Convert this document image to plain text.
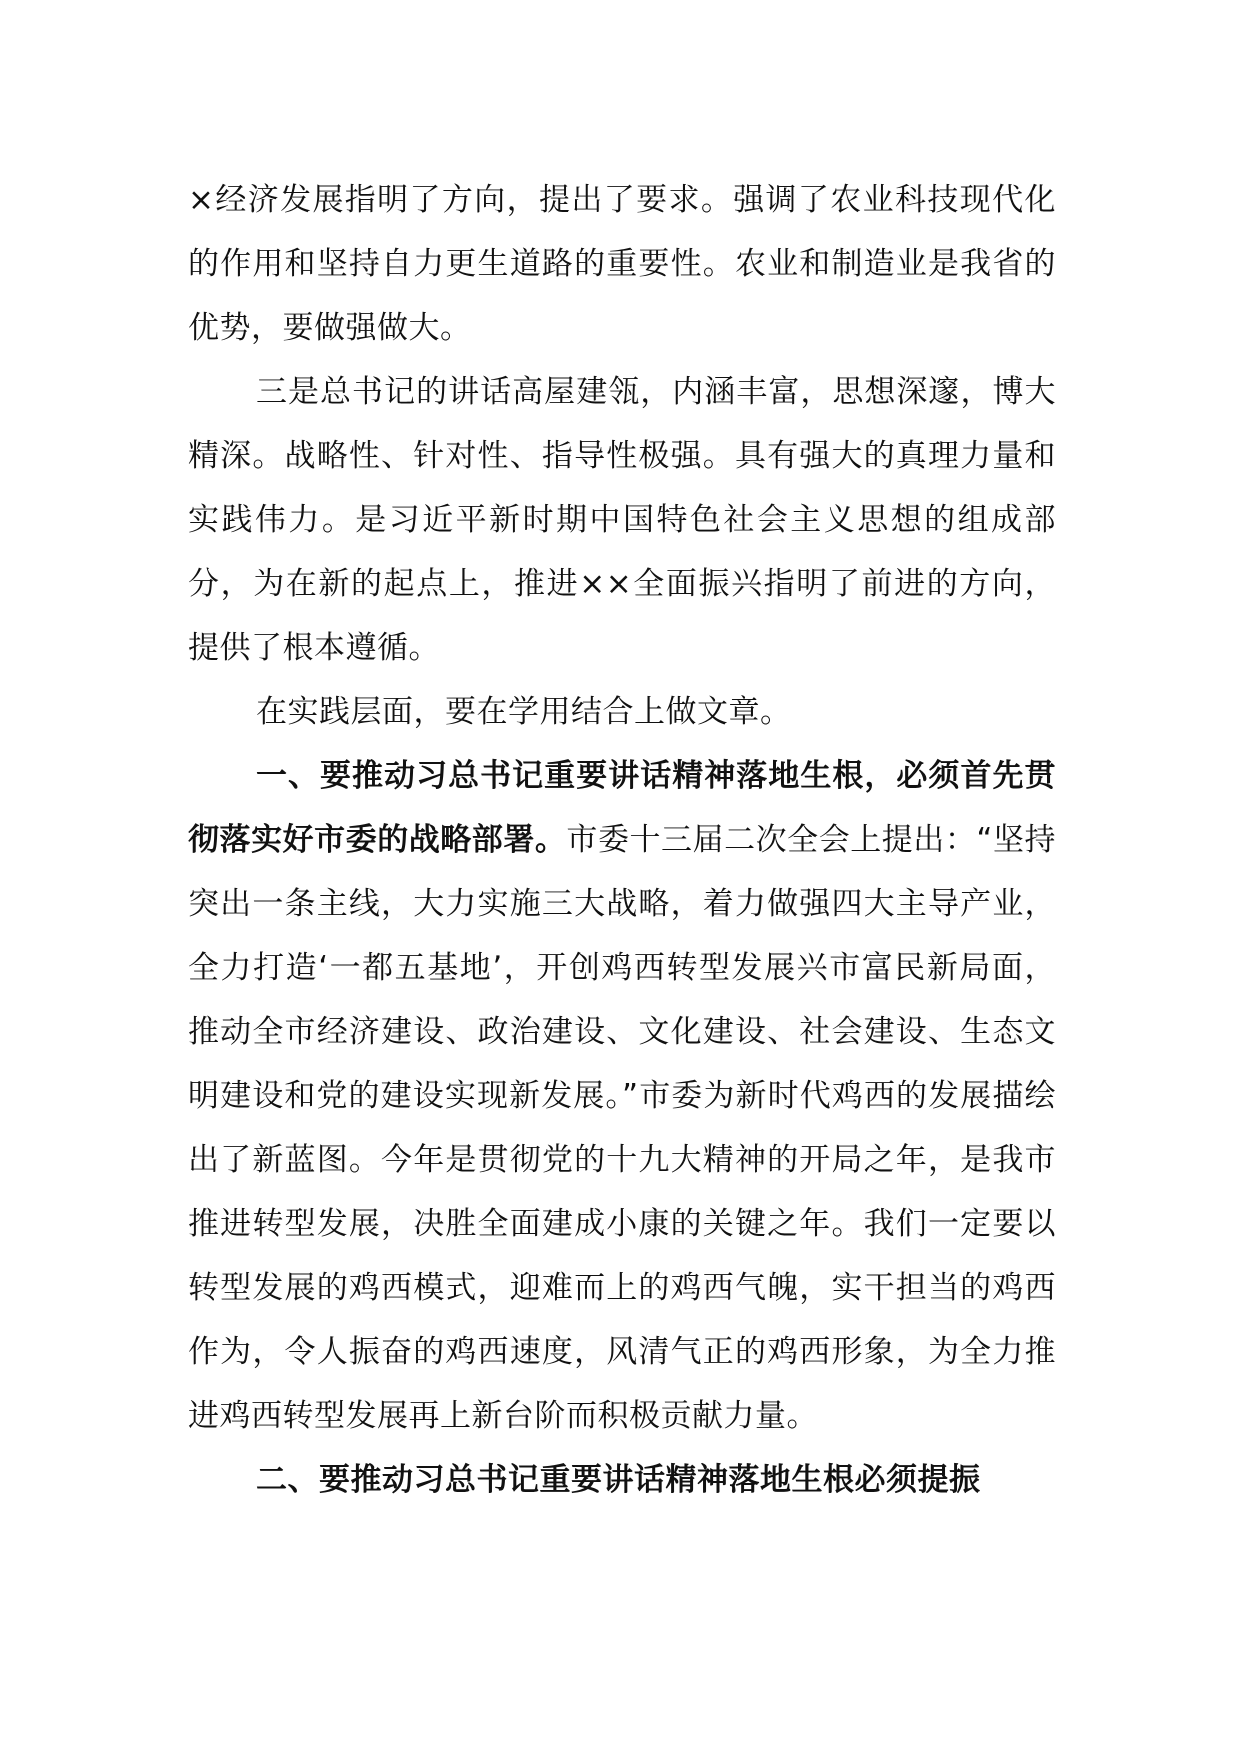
×经济发展指明了方向，提出了要求。强调了农业科技现代化的作用和坚持自力更生道路的重要性。农业和制造业是我省的优势，要做强做大。

三是总书记的讲话高屋建瓴，内涵丰富，思想深邃，博大精深。战略性、针对性、指导性极强。具有强大的真理力量和实践伟力。是习近平新时期中国特色社会主义思想的组成部分，为在新的起点上，推进××全面振兴指明了前进的方向，提供了根本遵循。

在实践层面，要在学用结合上做文章。

一、要推动习总书记重要讲话精神落地生根，必须首先贯彻落实好市委的战略部署。市委十三届二次全会上提出：“坚持突出一条主线，大力实施三大战略，着力做强四大主导产业，全力打造‘一都五基地’，开创鸡西转型发展兴市富民新局面，推动全市经济建设、政治建设、文化建设、社会建设、生态文明建设和党的建设实现新发展。”市委为新时代鸡西的发展描绘出了新蓝图。今年是贯彻党的十九大精神的开局之年，是我市推进转型发展，决胜全面建成小康的关键之年。我们一定要以转型发展的鸡西模式，迎难而上的鸡西气魄，实干担当的鸡西作为，令人振奋的鸡西速度，风清气正的鸡西形象，为全力推进鸡西转型发展再上新台阶而积极贡献力量。

二、要推动习总书记重要讲话精神落地生根必须提振
